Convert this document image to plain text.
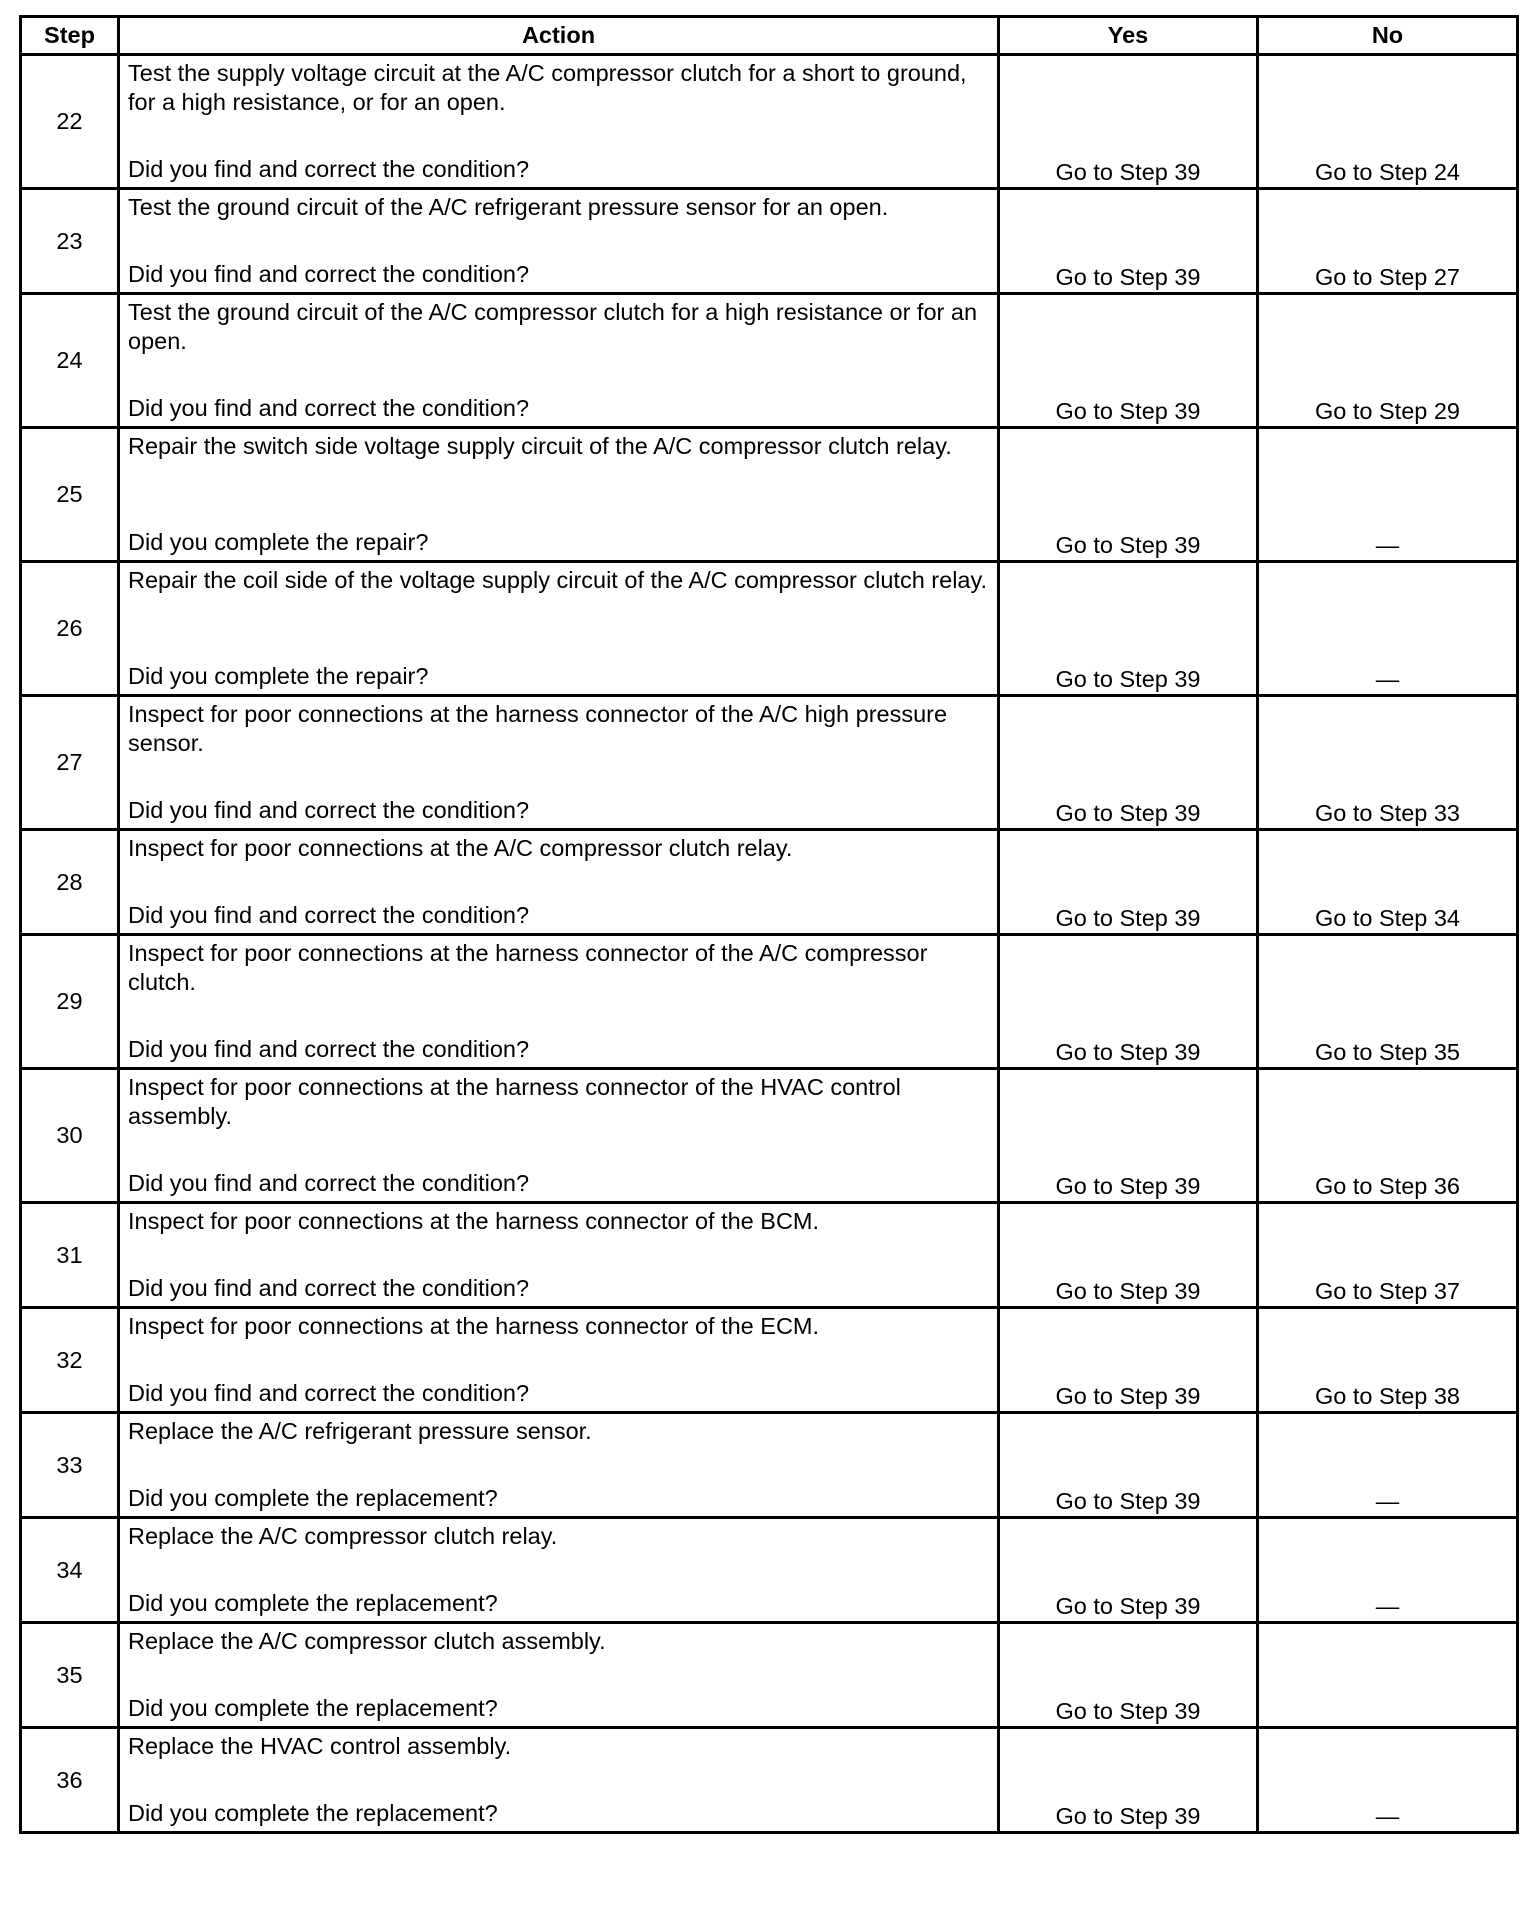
Step	Action	Yes	No
22	Test the supply voltage circuit at the A/C compressor clutch for a short to ground, for a high resistance, or for an open.
Did you find and correct the condition?	Go to Step 39	Go to Step 24
23	Test the ground circuit of the A/C refrigerant pressure sensor for an open.
Did you find and correct the condition?	Go to Step 39	Go to Step 27
24	Test the ground circuit of the A/C compressor clutch for a high resistance or for an open.
Did you find and correct the condition?	Go to Step 39	Go to Step 29
25	Repair the switch side voltage supply circuit of the A/C compressor clutch relay.
Did you complete the repair?	Go to Step 39	—
26	Repair the coil side of the voltage supply circuit of the A/C compressor clutch relay.
Did you complete the repair?	Go to Step 39	—
27	Inspect for poor connections at the harness connector of the A/C high pressure sensor.
Did you find and correct the condition?	Go to Step 39	Go to Step 33
28	Inspect for poor connections at the A/C compressor clutch relay.
Did you find and correct the condition?	Go to Step 39	Go to Step 34
29	Inspect for poor connections at the harness connector of the A/C compressor clutch.
Did you find and correct the condition?	Go to Step 39	Go to Step 35
30	Inspect for poor connections at the harness connector of the HVAC control assembly.
Did you find and correct the condition?	Go to Step 39	Go to Step 36
31	Inspect for poor connections at the harness connector of the BCM.
Did you find and correct the condition?	Go to Step 39	Go to Step 37
32	Inspect for poor connections at the harness connector of the ECM.
Did you find and correct the condition?	Go to Step 39	Go to Step 38
33	Replace the A/C refrigerant pressure sensor.
Did you complete the replacement?	Go to Step 39	—
34	Replace the A/C compressor clutch relay.
Did you complete the replacement?	Go to Step 39	—
35	Replace the A/C compressor clutch assembly.
Did you complete the replacement?	Go to Step 39	
36	Replace the HVAC control assembly.
Did you complete the replacement?	Go to Step 39	—
